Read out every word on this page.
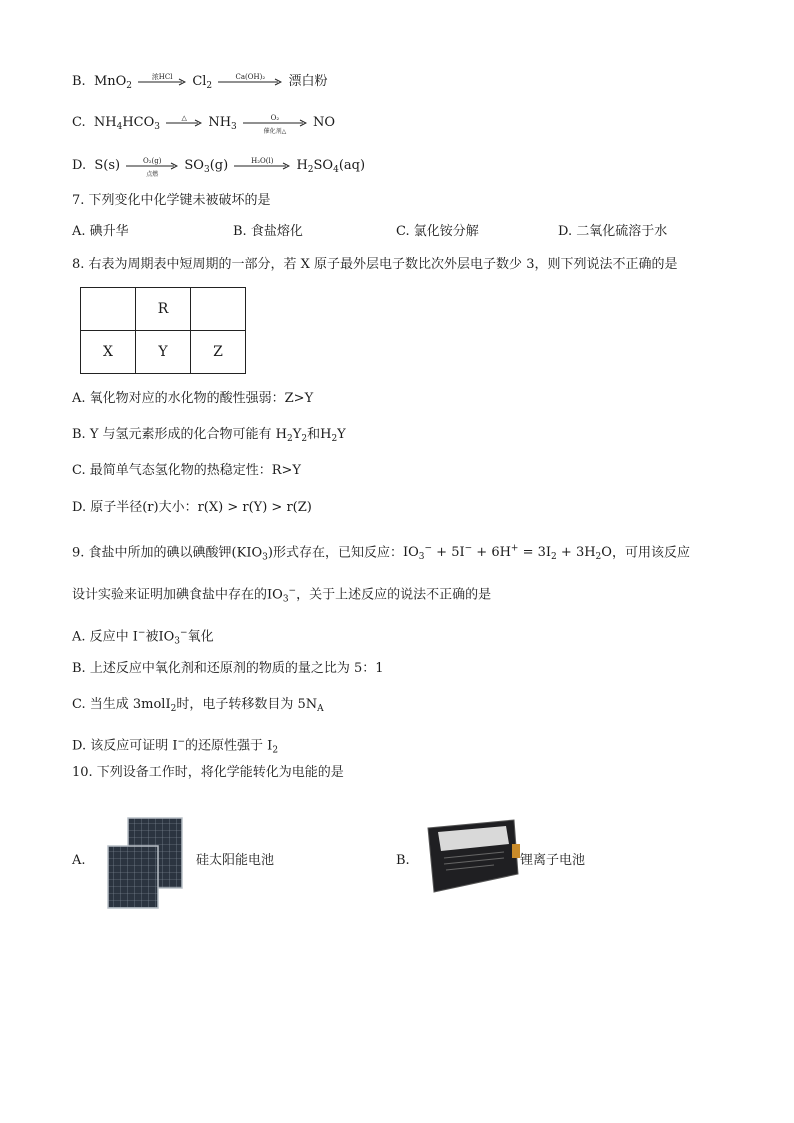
B. MnO$_2$
浓HCl	$Cl_2$
Ca(OH)₂	漂白粉
C. $NH_4HCO_3$
△	$NH_3$
O₂
催化剂△
NO
D. S(s)	O₂(g)
点燃
$SO_3(g)$	H₂O(l)	$H_2SO_4(aq)$
7. 下列变化中化学键未被破坏的是
A. 碘升华	B. 食盐熔化	C. 氯化铵分解	D. 二氧化硫溶于水
8. 右表为周期表中短周期的一部分，若 X 原子最外层电子数比次外层电子数少 3，则下列说法不正确的是
	R	
X	Y	Z
A. 氧化物对应的水化物的酸性强弱：Z>Y
B. Y 与氢元素形成的化合物可能有 $H_2Y_2$和$H_2Y$
C. 最简单气态氢化物的热稳定性：R>Y
D. 原子半径(r)大小：r(X) > r(Y) > r(Z)
9. 食盐中所加的碘以碘酸钾$(KIO_3)$形式存在，已知反应：$IO_3^- + 5I^- + 6H^+ = 3I_2 + 3H_2O$，可用该反应
设计实验来证明加碘食盐中存在的$IO_3^-$，关于上述反应的说法不正确的是
A. 反应中 I−被$IO_3^-$氧化
B. 上述反应中氧化剂和还原剂的物质的量之比为 5：1
C. 当生成 3molI$_2$时，电子转移数目为 $5N_A$
D. 该反应可证明 I−的还原性强于 $I_2$
10. 下列设备工作时，将化学能转化为电能的是
A.	硅太阳能电池	B.	锂离子电池
